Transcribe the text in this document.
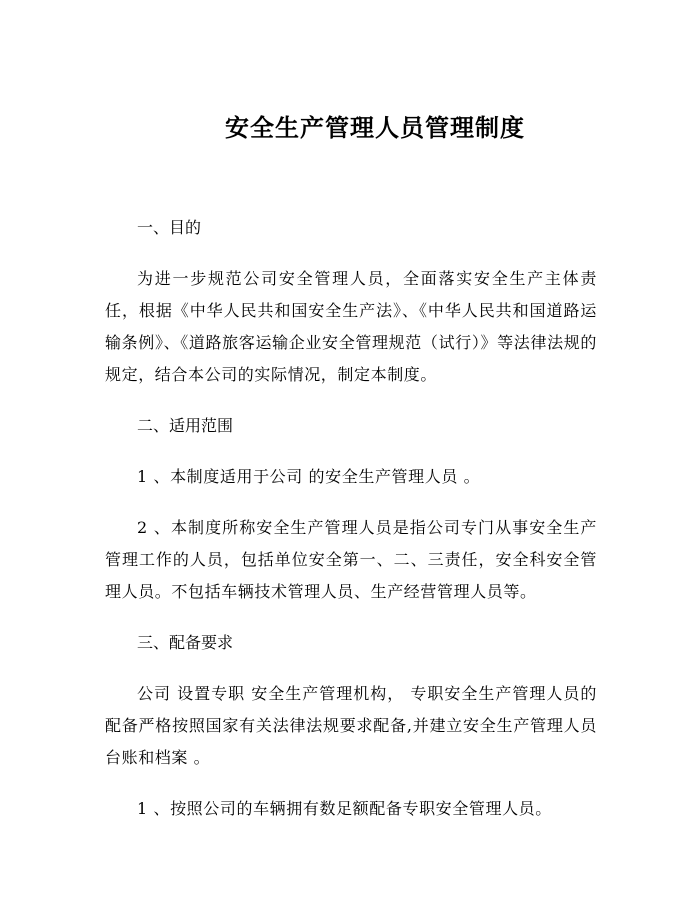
安全生产管理人员管理制度
一、目的
为进一步规范公司安全管理人员，全面落实安全生产主体责任，根据《中华人民共和国安全生产法》、《中华人民共和国道路运输条例》、《道路旅客运输企业安全管理规范（试行）》等法律法规的规定，结合本公司的实际情况，制定本制度。
二、适用范围
1 、本制度适用于公司 的安全生产管理人员 。
2 、本制度所称安全生产管理人员是指公司专门从事安全生产管理工作的人员，包括单位安全第一、二、三责任，安全科安全管理人员。不包括车辆技术管理人员、生产经营管理人员等。
三、配备要求
公司 设置专职 安全生产管理机构， 专职安全生产管理人员的配备严格按照国家有关法律法规要求配备,并建立安全生产管理人员台账和档案 。
1 、按照公司的车辆拥有数足额配备专职安全管理人员。
